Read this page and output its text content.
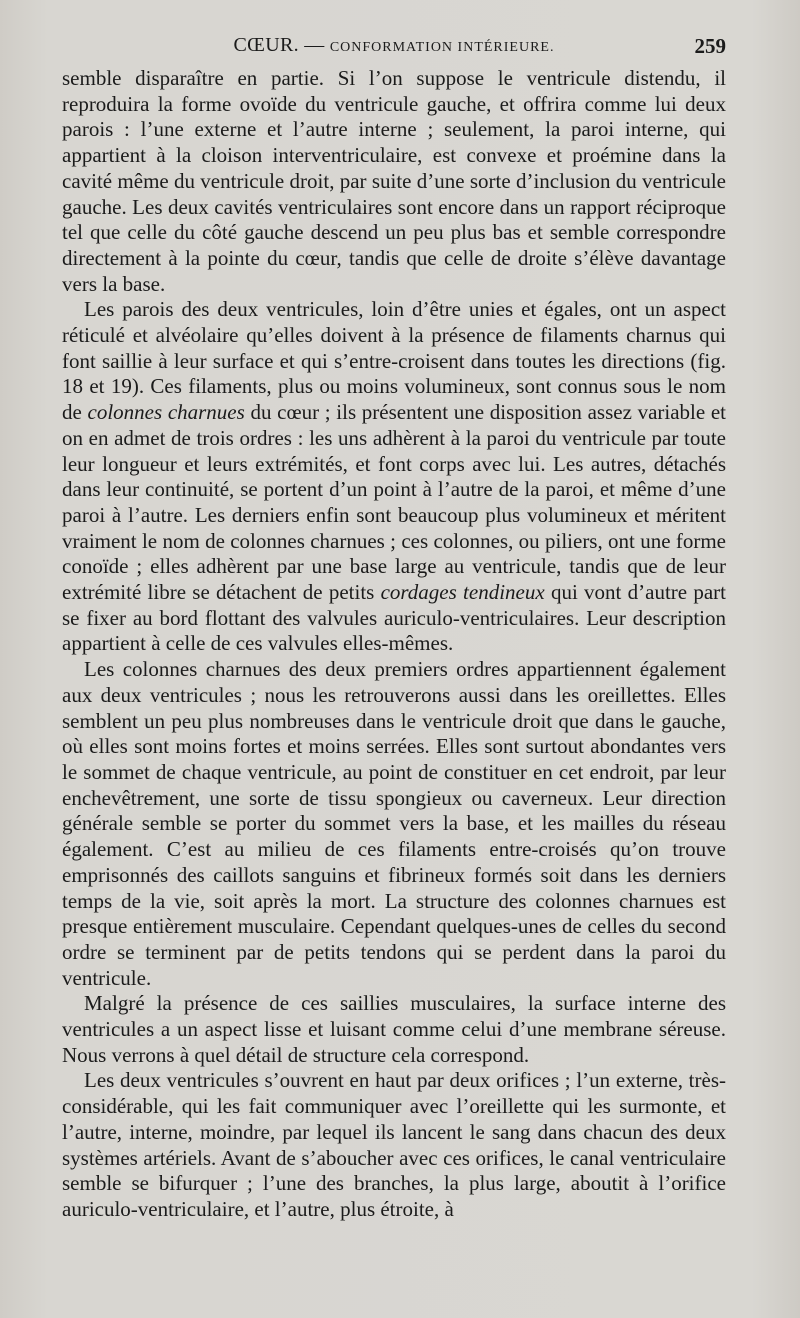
CŒUR. — CONFORMATION INTÉRIEURE.	259

semble disparaître en partie. Si l’on suppose le ventricule distendu, il reproduira la forme ovoïde du ventricule gauche, et offrira comme lui deux parois : l’une externe et l’autre interne ; seulement, la paroi interne, qui appartient à la cloison interventriculaire, est convexe et proémine dans la cavité même du ventricule droit, par suite d’une sorte d’inclusion du ventricule gauche. Les deux cavités ventriculaires sont encore dans un rapport réciproque tel que celle du côté gauche descend un peu plus bas et semble correspondre directement à la pointe du cœur, tandis que celle de droite s’élève davantage vers la base.

Les parois des deux ventricules, loin d’être unies et égales, ont un aspect réticulé et alvéolaire qu’elles doivent à la présence de filaments charnus qui font saillie à leur surface et qui s’entre-croisent dans toutes les directions (fig. 18 et 19). Ces filaments, plus ou moins volumineux, sont connus sous le nom de colonnes charnues du cœur ; ils présentent une disposition assez variable et on en admet de trois ordres : les uns adhèrent à la paroi du ventricule par toute leur longueur et leurs extrémités, et font corps avec lui. Les autres, détachés dans leur continuité, se portent d’un point à l’autre de la paroi, et même d’une paroi à l’autre. Les derniers enfin sont beaucoup plus volumineux et méritent vraiment le nom de colonnes charnues ; ces colonnes, ou piliers, ont une forme conoïde ; elles adhèrent par une base large au ventricule, tandis que de leur extrémité libre se détachent de petits cordages tendineux qui vont d’autre part se fixer au bord flottant des valvules auriculo-ventriculaires. Leur description appartient à celle de ces valvules elles-mêmes.

Les colonnes charnues des deux premiers ordres appartiennent également aux deux ventricules ; nous les retrouverons aussi dans les oreillettes. Elles semblent un peu plus nombreuses dans le ventricule droit que dans le gauche, où elles sont moins fortes et moins serrées. Elles sont surtout abondantes vers le sommet de chaque ventricule, au point de constituer en cet endroit, par leur enchevêtrement, une sorte de tissu spongieux ou caverneux. Leur direction générale semble se porter du sommet vers la base, et les mailles du réseau également. C’est au milieu de ces filaments entre-croisés qu’on trouve emprisonnés des caillots sanguins et fibrineux formés soit dans les derniers temps de la vie, soit après la mort. La structure des colonnes charnues est presque entièrement musculaire. Cependant quelques-unes de celles du second ordre se terminent par de petits tendons qui se perdent dans la paroi du ventricule.

Malgré la présence de ces saillies musculaires, la surface interne des ventricules a un aspect lisse et luisant comme celui d’une membrane séreuse. Nous verrons à quel détail de structure cela correspond.

Les deux ventricules s’ouvrent en haut par deux orifices ; l’un externe, très-considérable, qui les fait communiquer avec l’oreillette qui les surmonte, et l’autre, interne, moindre, par lequel ils lancent le sang dans chacun des deux systèmes artériels. Avant de s’aboucher avec ces orifices, le canal ventriculaire semble se bifurquer ; l’une des branches, la plus large, aboutit à l’orifice auriculo-ventriculaire, et l’autre, plus étroite, à
